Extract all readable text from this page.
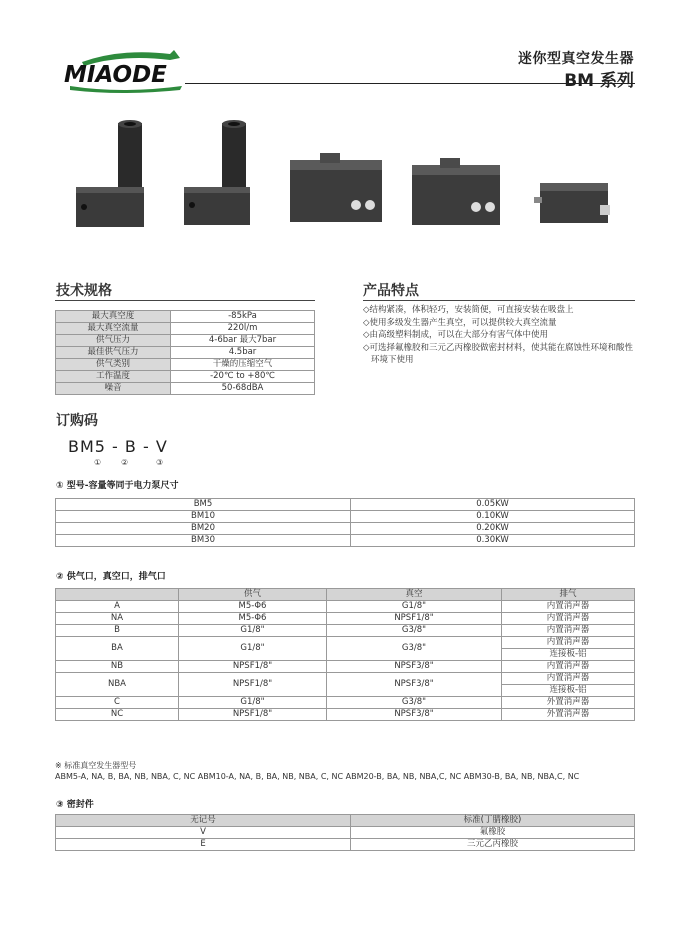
MIAODE
迷你型真空发生器
BM 系列
技术规格
最大真空度	-85kPa
最大真空流量	220l/m
供气压力	4-6bar 最大7bar
最佳供气压力	4.5bar
供气类别	干燥的压缩空气
工作温度	-20℃ to +80℃
噪音	50-68dBA
产品特点
◇结构紧凑，体积轻巧，安装简便，可直接安装在吸盘上
◇使用多级发生器产生真空，可以提供较大真空流量
◇由高级塑料制成，可以在大部分有害气体中使用
◇可选择氟橡胶和三元乙丙橡胶做密封材料，使其能在腐蚀性环境和酸性环境下使用
订购码
BM5 - B - V
① ②	③
① 型号-容量等同于电力泵尺寸
BM5	0.05KW
BM10	0.10KW
BM20	0.20KW
BM30	0.30KW
② 供气口，真空口，排气口
	供气	真空	排气
A	M5-Φ6	G1/8"	内置消声器
NA	M5-Φ6	NPSF1/8"	内置消声器
B	G1/8"	G3/8"	内置消声器
BA	G1/8"	G3/8"	内置消声器
			连接板-铝
NB	NPSF1/8"	NPSF3/8"	内置消声器
NBA	NPSF1/8"	NPSF3/8"	内置消声器
			连接板-铝
C	G1/8"	G3/8"	外置消声器
NC	NPSF1/8"	NPSF3/8"	外置消声器
※ 标准真空发生器型号
ABM5-A, NA, B, BA, NB, NBA, C, NC ABM10-A, NA, B, BA, NB, NBA, C, NC ABM20-B, BA, NB, NBA,C, NC ABM30-B, BA, NB, NBA,C, NC
③ 密封件
无记号	标准(丁腈橡胶)
V	氟橡胶
E	三元乙丙橡胶
